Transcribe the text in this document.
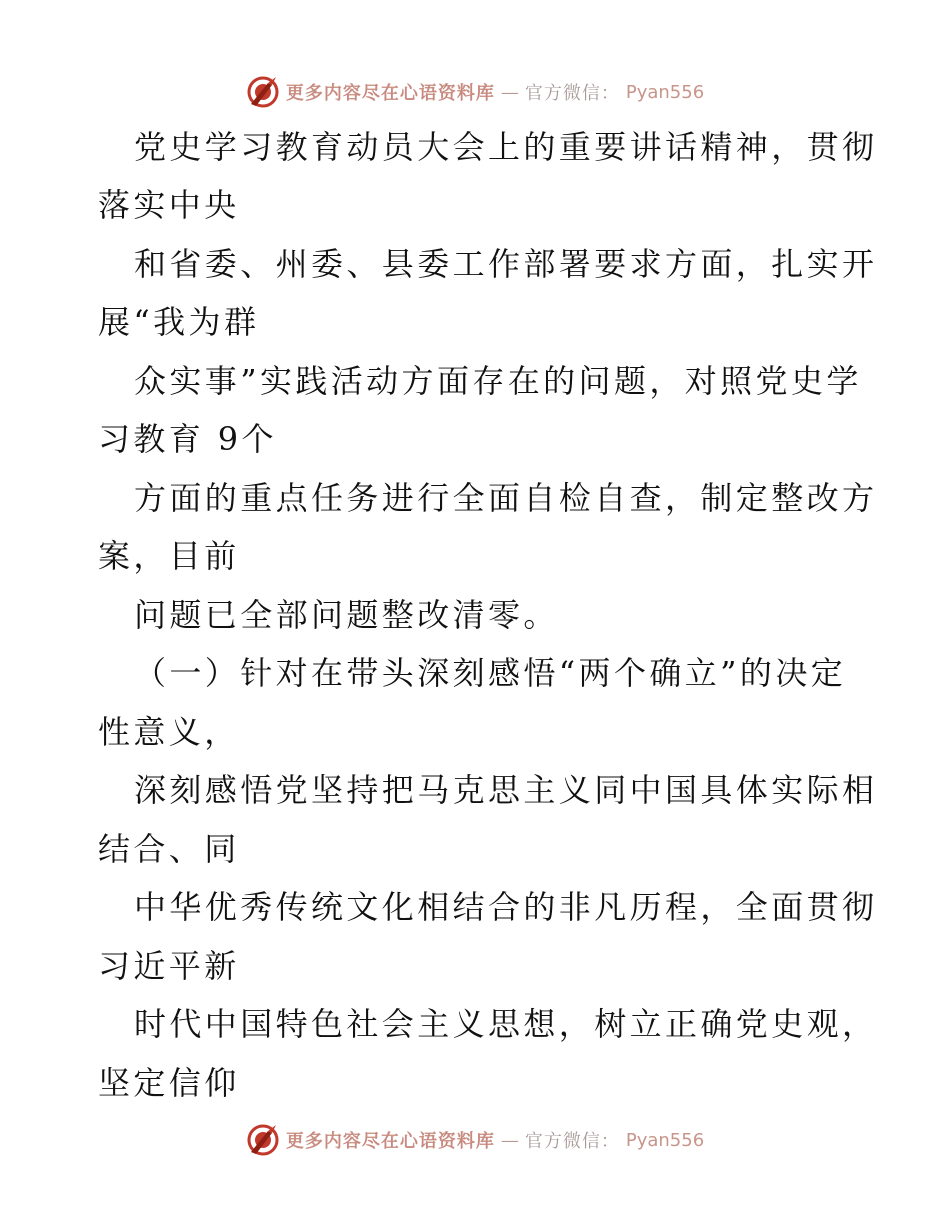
更多内容尽在心语资料库 — 官方微信： Pyan556

党史学习教育动员大会上的重要讲话精神，贯彻

落实中央

和省委、州委、县委工作部署要求方面，扎实开

展“我为群

众实事”实践活动方面存在的问题，对照党史学

习教育 9个

方面的重点任务进行全面自检自查，制定整改方

案，目前

问题已全部问题整改清零。

（一）针对在带头深刻感悟“两个确立”的决定

性意义，

深刻感悟党坚持把马克思主义同中国具体实际相

结合、同

中华优秀传统文化相结合的非凡历程，全面贯彻

习近平新

时代中国特色社会主义思想，树立正确党史观，

坚定信仰

更多内容尽在心语资料库 — 官方微信： Pyan556
